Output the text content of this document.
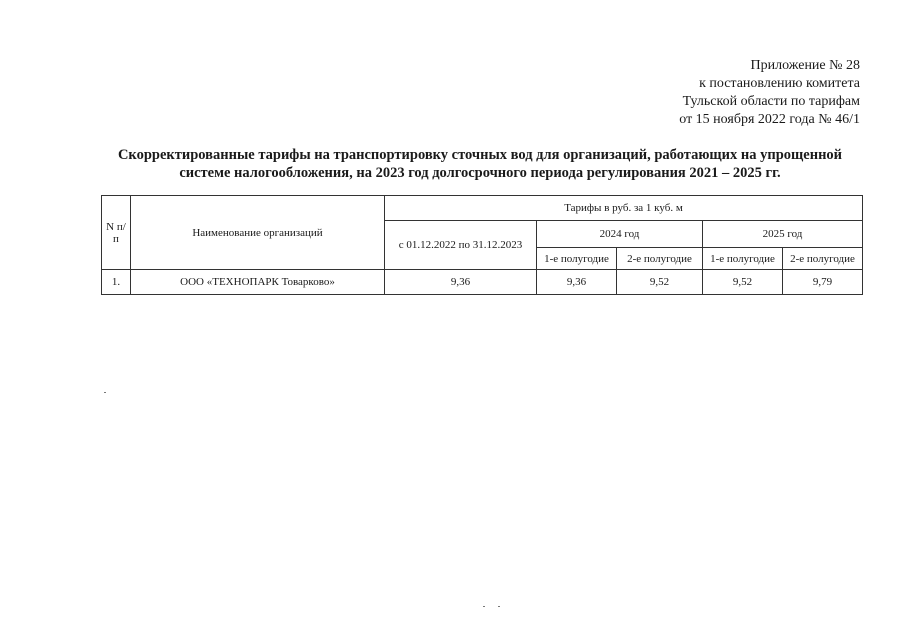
Приложение № 28
к постановлению комитета
Тульской области по тарифам
от 15 ноября 2022 года № 46/1
Скорректированные тарифы на транспортировку сточных вод для организаций, работающих на упрощенной
системе налогообложения, на 2023 год долгосрочного периода регулирования 2021 – 2025 гг.
N п/п	Наименование организаций	Тарифы в руб. за 1 куб. м				
		с 01.12.2022 по 31.12.2023	2024 год		2025 год	
			1-е полугодие	2-е полугодие	1-е полугодие	2-е полугодие
1.	ООО «ТЕХНОПАРК Товарково»	9,36	9,36	9,52	9,52	9,79
